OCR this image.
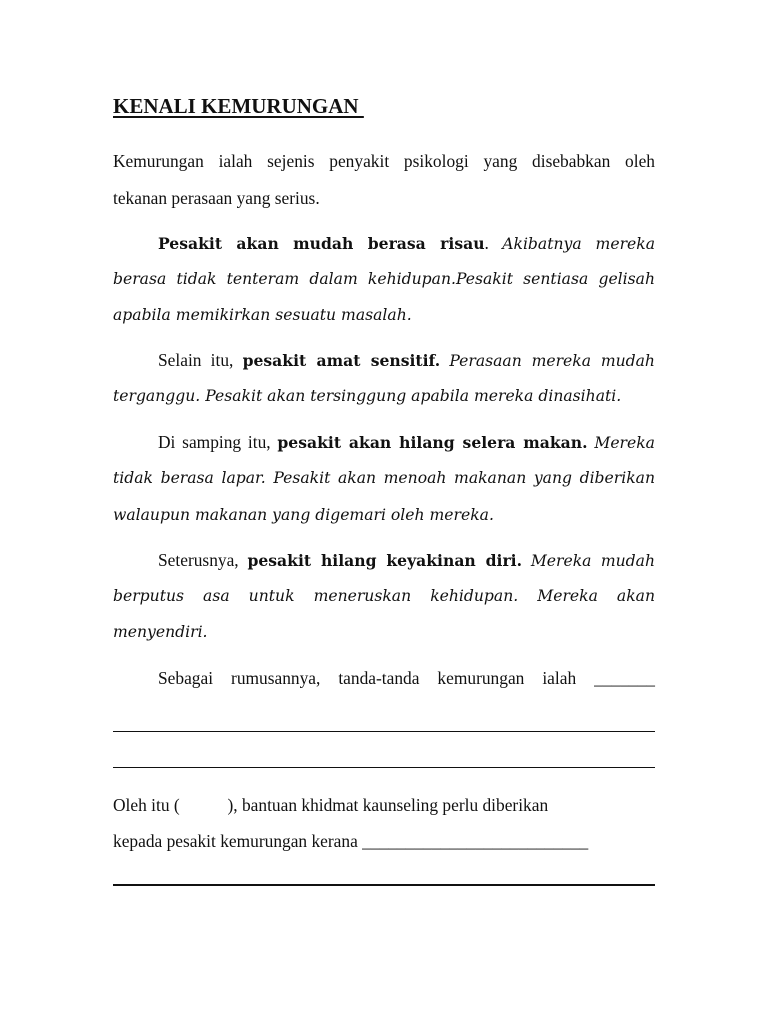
KENALI KEMURUNGAN
Kemurungan ialah sejenis penyakit psikologi yang disebabkan oleh
tekanan perasaan yang serius.
Pesakit akan mudah berasa risau. Akibatnya mereka
berasa tidak tenteram dalam kehidupan.Pesakit sentiasa gelisah
apabila memikirkan sesuatu masalah.
Selain itu, pesakit amat sensitif. Perasaan mereka mudah
terganggu. Pesakit akan tersinggung apabila mereka dinasihati.
Di samping itu, pesakit akan hilang selera makan. Mereka
tidak berasa lapar. Pesakit akan menoah makanan yang diberikan
walaupun makanan yang digemari oleh mereka.
Seterusnya, pesakit hilang keyakinan diri. Mereka mudah
berputus asa untuk meneruskan kehidupan. Mereka akan
menyendiri.
Sebagai rumusannya, tanda-tanda kemurungan ialah _______
Oleh itu (	), bantuan khidmat kaunseling perlu diberikan
kepada pesakit kemurungan kerana __________________________
